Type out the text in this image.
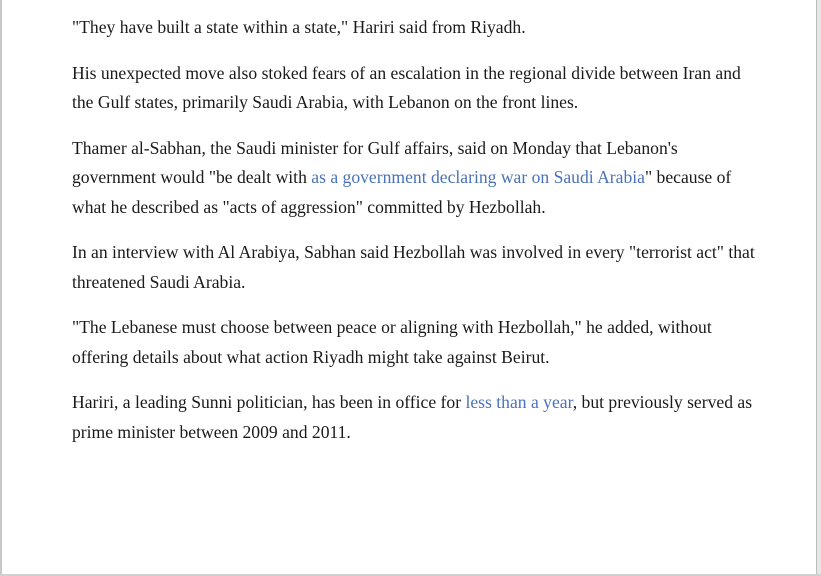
"They have built a state within a state," Hariri said from Riyadh.

His unexpected move also stoked fears of an escalation in the regional divide between Iran and the Gulf states, primarily Saudi Arabia, with Lebanon on the front lines.

Thamer al-Sabhan, the Saudi minister for Gulf affairs, said on Monday that Lebanon's government would "be dealt with as a government declaring war on Saudi Arabia" because of what he described as "acts of aggression" committed by Hezbollah.

In an interview with Al Arabiya, Sabhan said Hezbollah was involved in every "terrorist act" that threatened Saudi Arabia.

"The Lebanese must choose between peace or aligning with Hezbollah," he added, without offering details about what action Riyadh might take against Beirut.

Hariri, a leading Sunni politician, has been in office for less than a year, but previously served as prime minister between 2009 and 2011.
